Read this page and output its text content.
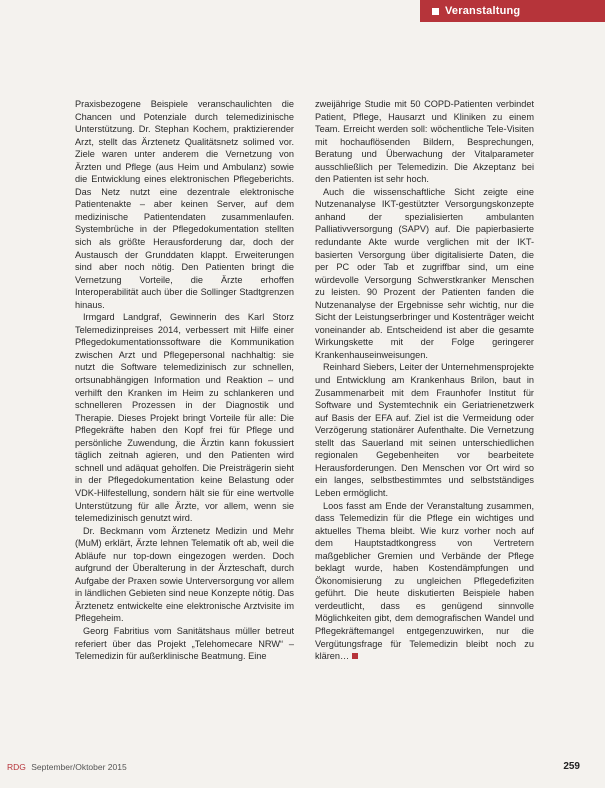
Veranstaltung

Praxisbezogene Beispiele veranschaulichten die Chancen und Potenziale durch telemedizinische Unterstützung. Dr. Stephan Kochem, praktizierender Arzt, stellt das Ärztenetz Qualitätsnetz solimed vor. Ziele waren unter anderem die Vernetzung von Ärzten und Pflege (aus Heim und Ambulanz) sowie die Entwicklung eines elektronischen Pflegeberichts. Das Netz nutzt eine dezentrale elektronische Patientenakte – aber keinen Server, auf dem medizinische Patientendaten zusammenlaufen. Systembrüche in der Pflegedokumentation stellten sich als größte Herausforderung dar, doch der Austausch der Grunddaten klappt. Erweiterungen sind aber noch nötig. Den Patienten bringt die Vernetzung Vorteile, die Ärzte erhoffen Interoperabilität auch über die Sollinger Stadtgrenzen hinaus.

Irmgard Landgraf, Gewinnerin des Karl Storz Telemedizinpreises 2014, verbessert mit Hilfe einer Pflegedokumentationssoftware die Kommunikation zwischen Arzt und Pflegepersonal nachhaltig: sie nutzt die Software telemedizinisch zur schnellen, ortsunabhängigen Information und Reaktion – und verhilft den Kranken im Heim zu schlankeren und schnelleren Prozessen in der Diagnostik und Therapie. Dieses Projekt bringt Vorteile für alle: Die Pflegekräfte haben den Kopf frei für Pflege und persönliche Zuwendung, die Ärztin kann fokussiert täglich zeitnah agieren, und den Patienten wird schnell und adäquat geholfen. Die Preisträgerin sieht in der Pflegedokumentation keine Belastung oder VDK-Hilfestellung, sondern hält sie für eine wertvolle Unterstützung für alle Ärzte, vor allem, wenn sie telemedizinisch genutzt wird.

Dr. Beckmann vom Ärztenetz Medizin und Mehr (MuM) erklärt, Ärzte lehnen Telematik oft ab, weil die Abläufe nur top-down eingezogen werden. Doch aufgrund der Überalterung in der Ärzteschaft, durch Aufgabe der Praxen sowie Unterversorgung vor allem in ländlichen Gebieten sind neue Konzepte nötig. Das Ärztenetz entwickelte eine elektronische Arztvisite im Pflegeheim.

Georg Fabritius vom Sanitätshaus müller betreut referiert über das Projekt „Telehomecare NRW“ – Telemedizin für außerklinische Beatmung. Eine

zweijährige Studie mit 50 COPD-Patienten verbindet Patient, Pflege, Hausarzt und Kliniken zu einem Team. Erreicht werden soll: wöchentliche Tele-Visiten mit hochauflösenden Bildern, Besprechungen, Beratung und Überwachung der Vitalparameter ausschließlich per Telemedizin. Die Akzeptanz bei den Patienten ist sehr hoch.

Auch die wissenschaftliche Sicht zeigte eine Nutzenanalyse IKT-gestützter Versorgungskonzepte anhand der spezialisierten ambulanten Palliativversorgung (SAPV) auf. Die papierbasierte redundante Akte wurde verglichen mit der IKT-basierten Versorgung über digitalisierte Daten, die per PC oder Tab et zugriffbar sind, um eine würdevolle Versorgung Schwerstkranker Menschen zu leisten. 90 Prozent der Patienten fanden die Nutzenanalyse der Ergebnisse sehr wichtig, nur die Sicht der Leistungserbringer und Kostenträger weicht voneinander ab. Entscheidend ist aber die gesamte Wirkungskette mit der Folge geringerer Krankenhauseinweisungen.

Reinhard Siebers, Leiter der Unternehmensprojekte und Entwicklung am Krankenhaus Brilon, baut in Zusammenarbeit mit dem Fraunhofer Institut für Software und Systemtechnik ein Geriatrienetzwerk auf Basis der EFA auf. Ziel ist die Vermeidung oder Verzögerung stationärer Aufenthalte. Die Vernetzung stellt das Sauerland mit seinen unterschiedlichen regionalen Gegebenheiten vor bearbeitete Herausforderungen. Den Menschen vor Ort wird so ein langes, selbstbestimmtes und selbstständiges Leben ermöglicht.

Loos fasst am Ende der Veranstaltung zusammen, dass Telemedizin für die Pflege ein wichtiges und aktuelles Thema bleibt. Wie kurz vorher noch auf dem Hauptstadtkongress von Vertretern maßgeblicher Gremien und Verbände der Pflege beklagt wurde, haben Kostendämpfungen und Ökonomisierung zu ungleichen Pflegedefiziten geführt. Die heute diskutierten Beispiele haben verdeutlicht, dass es genügend sinnvolle Möglichkeiten gibt, dem demografischen Wandel und Pflegekräftemangel entgegenzuwirken, nur die Vergütungsfrage für Telemedizin bleibt noch zu klären…

RDG September/Oktober 2015	259
